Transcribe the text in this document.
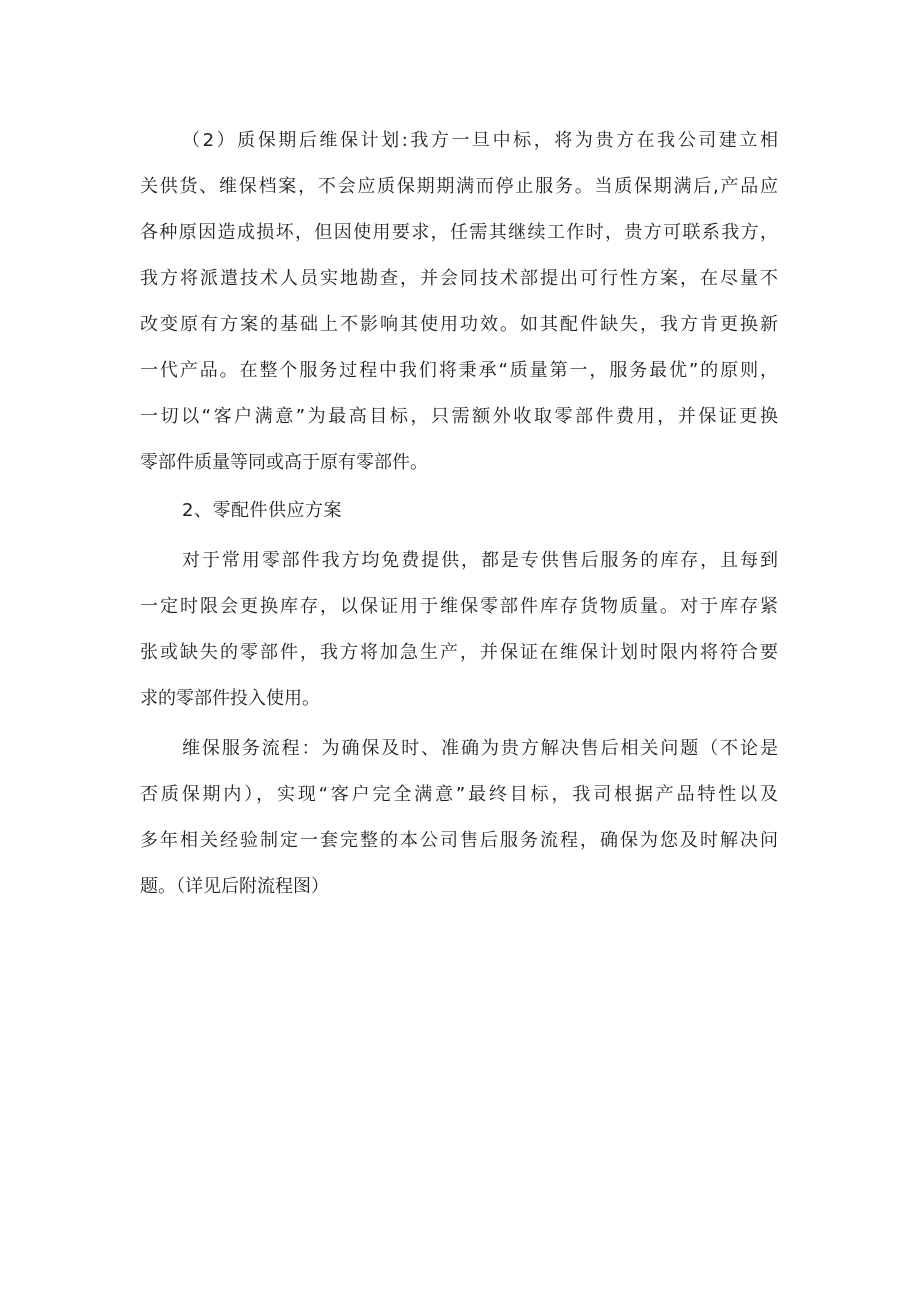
（2）质保期后维保计划:我方一旦中标，将为贵方在我公司建立相

关供货、维保档案，不会应质保期期满而停止服务。当质保期满后,产品应

各种原因造成损坏，但因使用要求，任需其继续工作时，贵方可联系我方，

我方将派遣技术人员实地勘查，并会同技术部提出可行性方案，在尽量不

改变原有方案的基础上不影响其使用功效。如其配件缺失，我方肯更换新

一代产品。在整个服务过程中我们将秉承“质量第一，服务最优”的原则，

一切以“客户满意”为最高目标，只需额外收取零部件费用，并保证更换

零部件质量等同或高于原有零部件。

2、零配件供应方案

对于常用零部件我方均免费提供，都是专供售后服务的库存，且每到

一定时限会更换库存，以保证用于维保零部件库存货物质量。对于库存紧

张或缺失的零部件，我方将加急生产，并保证在维保计划时限内将符合要

求的零部件投入使用。

维保服务流程：为确保及时、准确为贵方解决售后相关问题（不论是

否质保期内），实现“客户完全满意”最终目标，我司根据产品特性以及

多年相关经验制定一套完整的本公司售后服务流程，确保为您及时解决问

题。（详见后附流程图）
